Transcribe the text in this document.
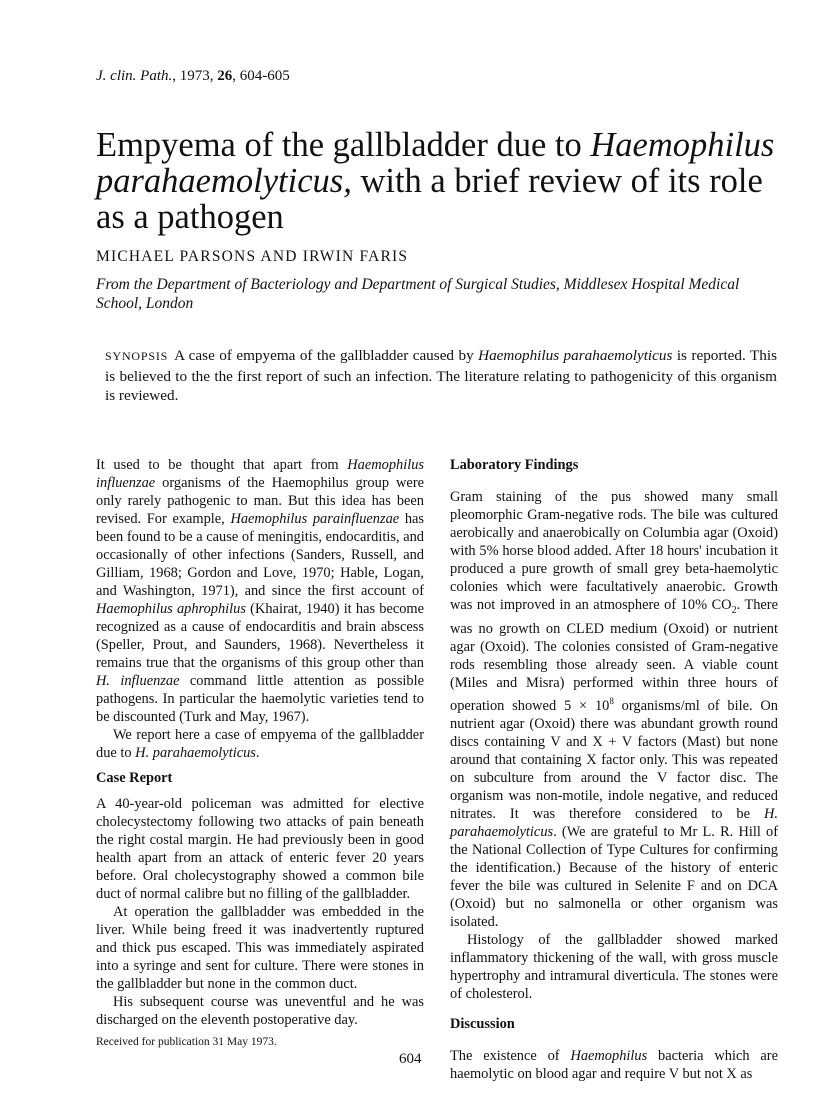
J. clin. Path., 1973, 26, 604-605
Empyema of the gallbladder due to Haemophilus parahaemolyticus, with a brief review of its role as a pathogen
MICHAEL PARSONS AND IRWIN FARIS
From the Department of Bacteriology and Department of Surgical Studies, Middlesex Hospital Medical School, London
SYNOPSIS A case of empyema of the gallbladder caused by Haemophilus parahaemolyticus is reported. This is believed to the the first report of such an infection. The literature relating to pathogenicity of this organism is reviewed.

It used to be thought that apart from Haemophilus influenzae organisms of the Haemophilus group were only rarely pathogenic to man. But this idea has been revised. For example, Haemophilus parainfluenzae has been found to be a cause of meningitis, endocarditis, and occasionally of other infections (Sanders, Russell, and Gilliam, 1968; Gordon and Love, 1970; Hable, Logan, and Washington, 1971), and since the first account of Haemophilus aphrophilus (Khairat, 1940) it has become recognized as a cause of endocarditis and brain abscess (Speller, Prout, and Saunders, 1968). Nevertheless it remains true that the organisms of this group other than H. influenzae command little attention as possible pathogens. In particular the haemolytic varieties tend to be discounted (Turk and May, 1967).

We report here a case of empyema of the gallbladder due to H. parahaemolyticus.

Case Report

A 40-year-old policeman was admitted for elective cholecystectomy following two attacks of pain beneath the right costal margin. He had previously been in good health apart from an attack of enteric fever 20 years before. Oral cholecystography showed a common bile duct of normal calibre but no filling of the gallbladder.

At operation the gallbladder was embedded in the liver. While being freed it was inadvertently ruptured and thick pus escaped. This was immediately aspirated into a syringe and sent for culture. There were stones in the gallbladder but none in the common duct.

His subsequent course was uneventful and he was discharged on the eleventh postoperative day.

Received for publication 31 May 1973.
Laboratory Findings

Gram staining of the pus showed many small pleomorphic Gram-negative rods. The bile was cultured aerobically and anaerobically on Columbia agar (Oxoid) with 5% horse blood added. After 18 hours' incubation it produced a pure growth of small grey beta-haemolytic colonies which were facultatively anaerobic. Growth was not improved in an atmosphere of 10% $CO_2$. There was no growth on CLED medium (Oxoid) or nutrient agar (Oxoid). The colonies consisted of Gram-negative rods resembling those already seen. A viable count (Miles and Misra) performed within three hours of operation showed $5 \times 10^8$ organisms/ml of bile. On nutrient agar (Oxoid) there was abundant growth round discs containing V and X + V factors (Mast) but none around that containing X factor only. This was repeated on subculture from around the V factor disc. The organism was non-motile, indole negative, and reduced nitrates. It was therefore considered to be H. parahaemolyticus. (We are grateful to Mr L. R. Hill of the National Collection of Type Cultures for confirming the identification.) Because of the history of enteric fever the bile was cultured in Selenite F and on DCA (Oxoid) but no salmonella or other organism was isolated.

Histology of the gallbladder showed marked inflammatory thickening of the wall, with gross muscle hypertrophy and intramural diverticula. The stones were of cholesterol.

Discussion

The existence of Haemophilus bacteria which are haemolytic on blood agar and require V but not X as

604
